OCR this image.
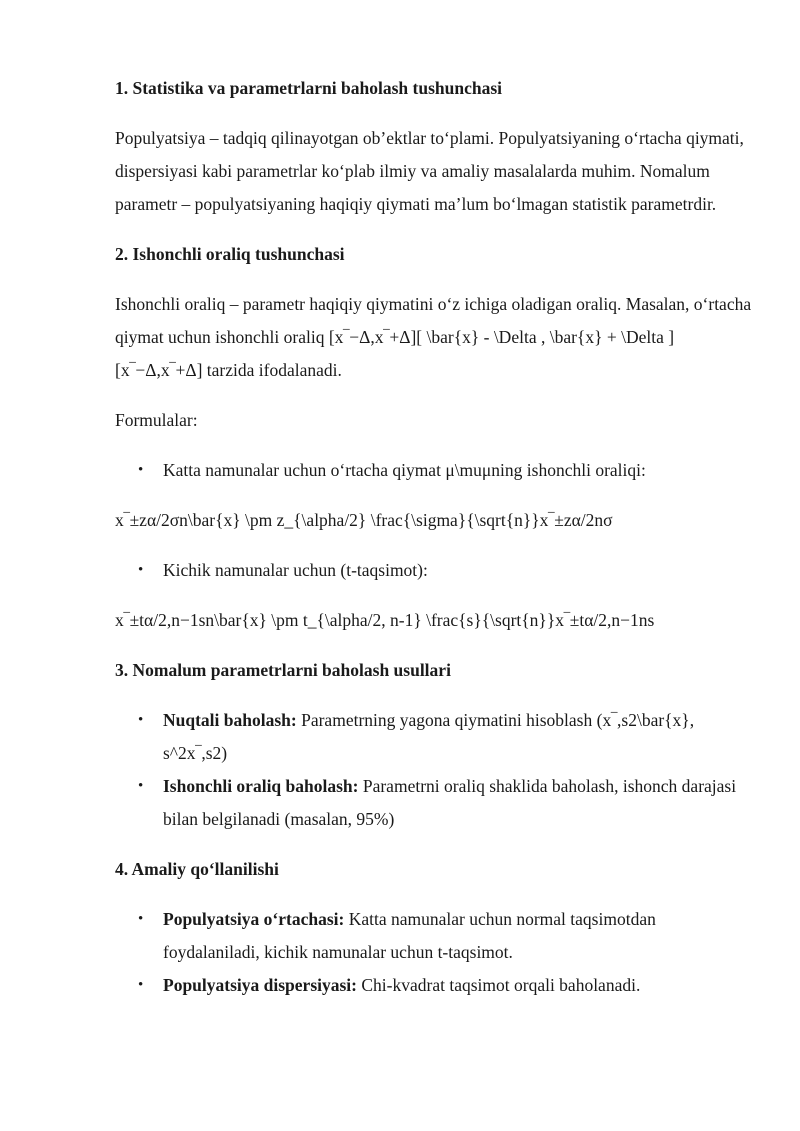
1. Statistika va parametrlarni baholash tushunchasi

Populyatsiya – tadqiq qilinayotgan ob’ektlar to‘plami. Populyatsiyaning o‘rtacha qiymati, dispersiyasi kabi parametrlar ko‘plab ilmiy va amaliy masalalarda muhim. Nomalum parametr – populyatsiyaning haqiqiy qiymati ma’lum bo‘lmagan statistik parametrdir.

2. Ishonchli oraliq tushunchasi

Ishonchli oraliq – parametr haqiqiy qiymatini o‘z ichiga oladigan oraliq. Masalan, o‘rtacha qiymat uchun ishonchli oraliq [x‾−Δ,x‾+Δ][ \bar{x} - \Delta , \bar{x} + \Delta ][x‾−Δ,x‾+Δ] tarzida ifodalanadi.

Formulalar:

• Katta namunalar uchun o‘rtacha qiymat μ\muμning ishonchli oraliqi:

x‾±zα/2σn\bar{x} \pm z_{\alpha/2} \frac{\sigma}{\sqrt{n}}x‾±zα/2nσ

• Kichik namunalar uchun (t-taqsimot):

x‾±tα/2,n−1sn\bar{x} \pm t_{\alpha/2, n-1} \frac{s}{\sqrt{n}}x‾±tα/2,n−1ns

3. Nomalum parametrlarni baholash usullari
• Nuqtali baholash: Parametrning yagona qiymatini hisoblash (x‾,s2\bar{x}, s^2x‾,s2)
• Ishonchli oraliq baholash: Parametrni oraliq shaklida baholash, ishonch darajasi bilan belgilanadi (masalan, 95%)
4. Amaliy qo‘llanilishi
• Populyatsiya o‘rtachasi: Katta namunalar uchun normal taqsimotdan foydalaniladi, kichik namunalar uchun t-taqsimot.
• Populyatsiya dispersiyasi: Chi-kvadrat taqsimot orqali baholanadi.
